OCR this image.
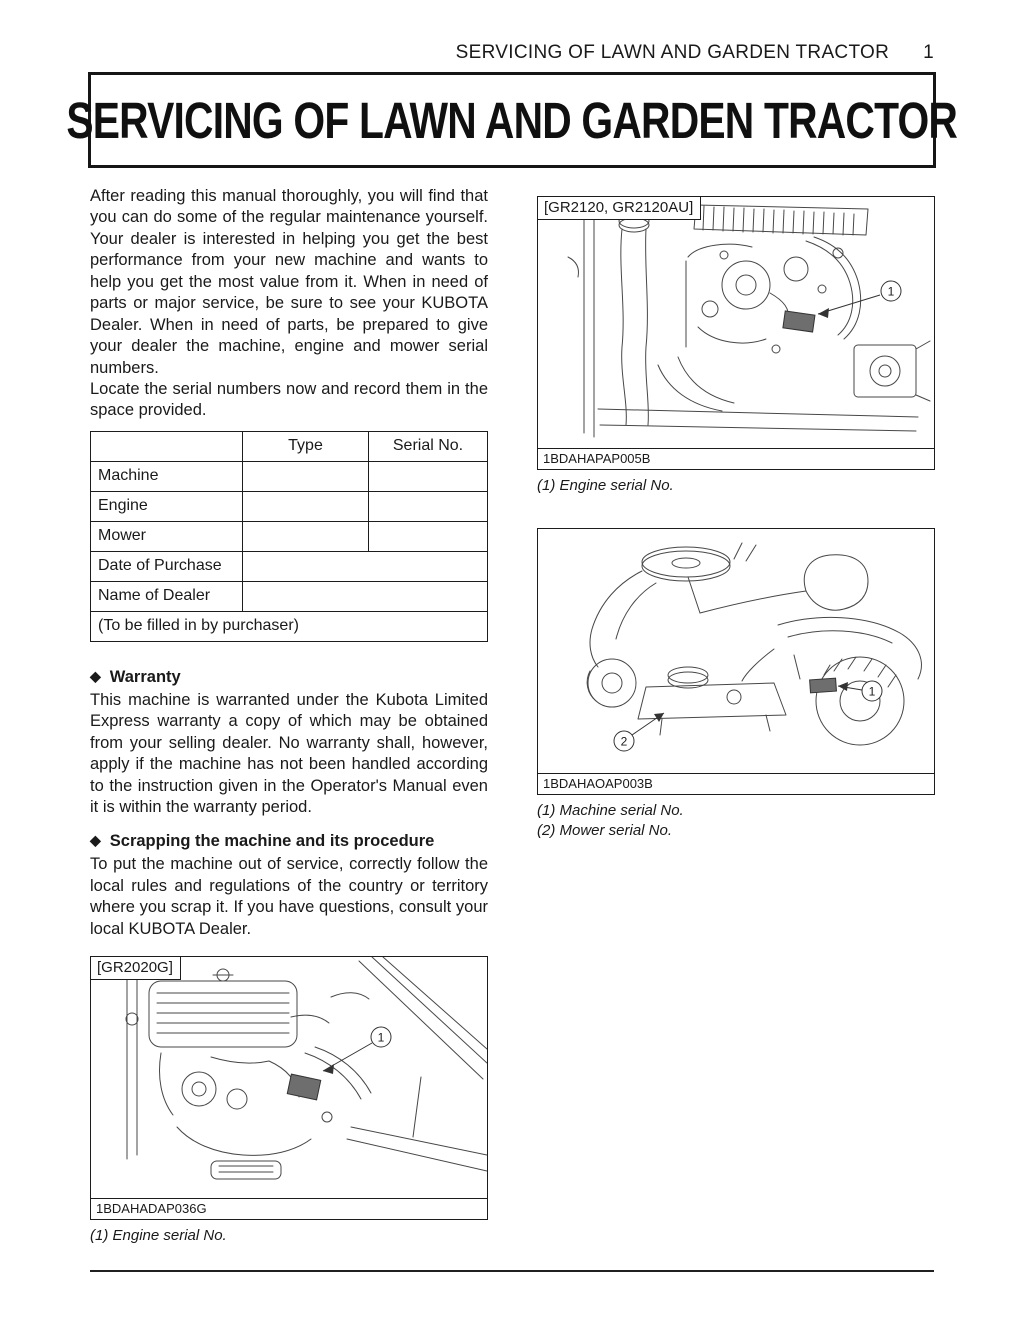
SERVICING OF LAWN AND GARDEN TRACTOR 1
SERVICING OF LAWN AND GARDEN TRACTOR

After reading this manual thoroughly, you will find that you can do some of the regular maintenance yourself. Your dealer is interested in helping you get the best performance from your new machine and wants to help you get the most value from it. When in need of parts or major service, be sure to see your KUBOTA Dealer. When in need of parts, be prepared to give your dealer the machine, engine and mower serial numbers.

Locate the serial numbers now and record them in the space provided.

	Type	Serial No.
Machine		
Engine		
Mower		
Date of Purchase		
Name of Dealer		
(To be filled in by purchaser)		

◆ Warranty

This machine is warranted under the Kubota Limited Express warranty a copy of which may be obtained from your selling dealer. No warranty shall, however, apply if the machine has not been handled according to the instruction given in the Operator's Manual even it is within the warranty period.

◆ Scrapping the machine and its procedure

To put the machine out of service, correctly follow the local rules and regulations of the country or territory where you scrap it. If you have questions, consult your local KUBOTA Dealer.

[GR2020G]
1
1BDAHADAP036G
(1) Engine serial No.
[GR2120, GR2120AU]
1
1BDAHAPAP005B
(1) Engine serial No.
1
2
1BDAHAOAP003B
(1) Machine serial No.
(2) Mower serial No.
